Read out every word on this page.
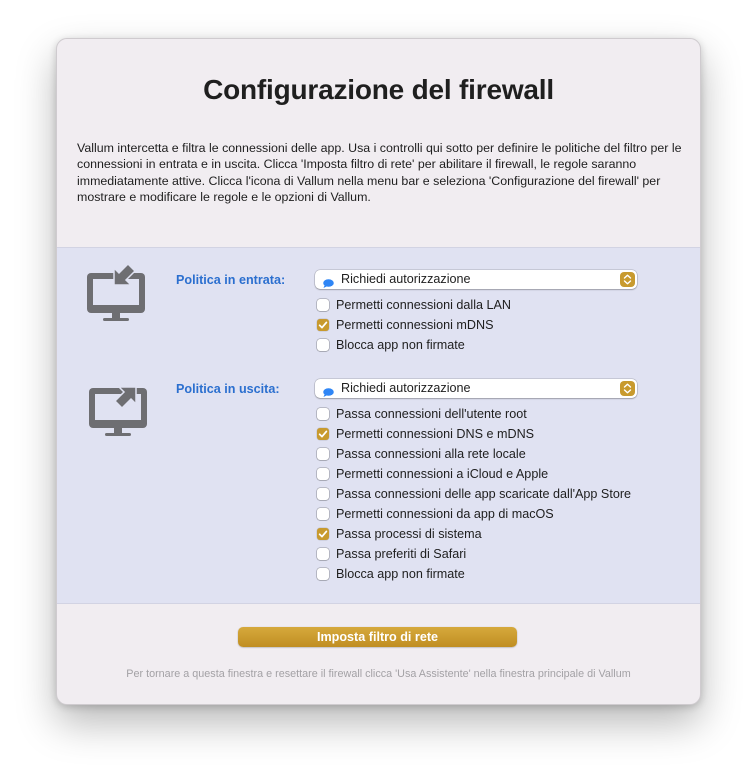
Configurazione del firewall
Vallum intercetta e filtra le connessioni delle app. Usa i controlli qui sotto per definire le politiche del filtro per le connessioni in entrata e in uscita. Clicca 'Imposta filtro di rete' per abilitare il firewall, le regole saranno immediatamente attive. Clicca l'icona di Vallum nella menu bar e seleziona 'Configurazione del firewall' per mostrare e modificare le regole e le opzioni di Vallum.
Politica in entrata:	Richiedi autorizzazione
Permetti connessioni dalla LAN
Permetti connessioni mDNS
Blocca app non firmate
Politica in uscita:	Richiedi autorizzazione
Passa connessioni dell'utente root
Permetti connessioni DNS e mDNS
Passa connessioni alla rete locale
Permetti connessioni a iCloud e Apple
Passa connessioni delle app scaricate dall'App Store
Permetti connessioni da app di macOS
Passa processi di sistema
Passa preferiti di Safari
Blocca app non firmate
Imposta filtro di rete
Per tornare a questa finestra e resettare il firewall clicca 'Usa Assistente' nella finestra principale di Vallum
